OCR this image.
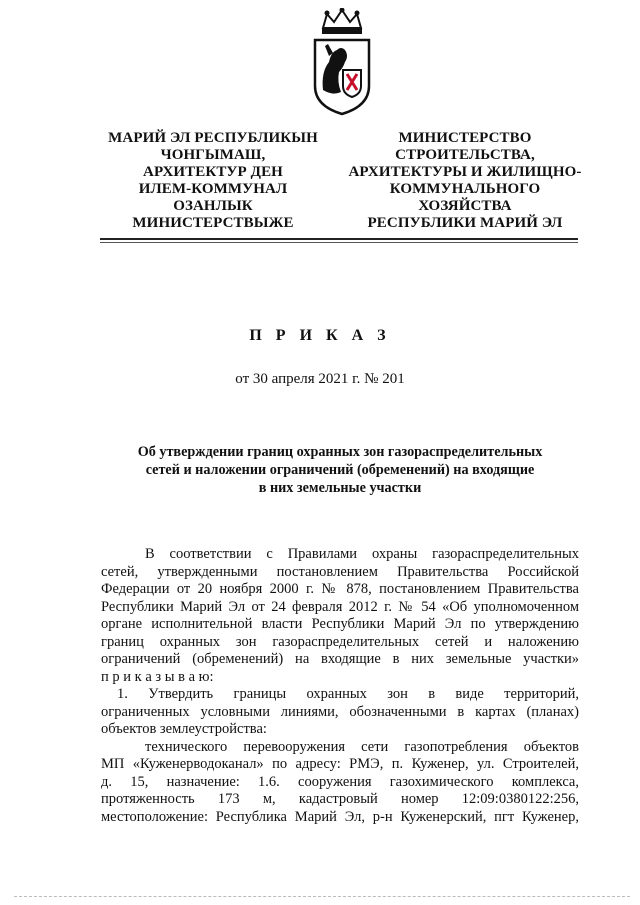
МАРИЙ ЭЛ РЕСПУБЛИКЫН
ЧОНГЫМАШ,
АРХИТЕКТУР ДЕН
ИЛЕМ-КОММУНАЛ
ОЗАНЛЫК
МИНИСТЕРСТВЫЖЕ
МИНИСТЕРСТВО
СТРОИТЕЛЬСТВА,
АРХИТЕКТУРЫ И ЖИЛИЩНО-
КОММУНАЛЬНОГО
ХОЗЯЙСТВА
РЕСПУБЛИКИ МАРИЙ ЭЛ
П Р И К А З
от 30 апреля 2021 г. № 201
Об утверждении границ охранных зон газораспределительных
сетей и наложении ограничений (обременений) на входящие
в них земельные участки

В соответствии с Правилами охраны газораспределительных

сетей, утвержденными постановлением Правительства Российской

Федерации от 20 ноября 2000 г. № 878, постановлением Правительства

Республики Марий Эл от 24 февраля 2012 г. № 54 «Об уполномоченном

органе исполнительной власти Республики Марий Эл по утверждению

границ охранных зон газораспределительных сетей и наложению

ограничений (обременений) на входящие в них земельные участки»

п р и к а з ы в а ю:

1. Утвердить границы охранных зон в виде территорий,

ограниченных условными линиями, обозначенными в картах (планах)

объектов землеустройства:

технического перевооружения сети газопотребления объектов

МП «Куженерводоканал» по адресу: РМЭ, п. Куженер, ул. Строителей,

д. 15, назначение: 1.6. сооружения газохимического комплекса,

протяженность 173 м, кадастровый номер 12:09:0380122:256,

местоположение: Республика Марий Эл, р-н Куженерский, пгт Куженер,
